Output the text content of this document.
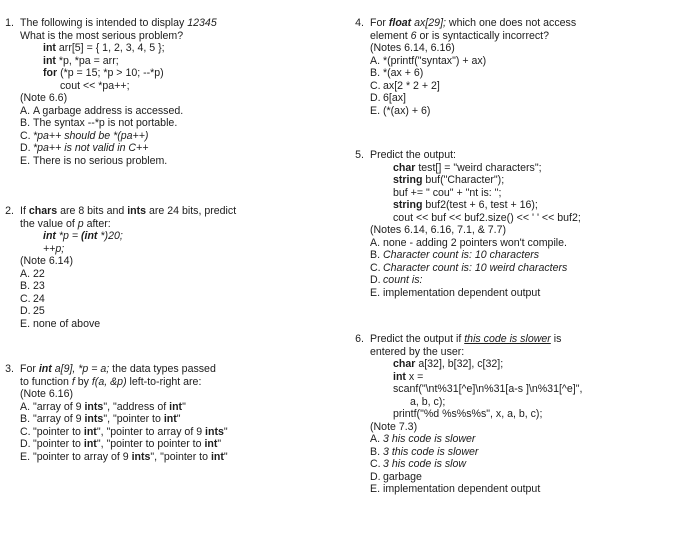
1. The following is intended to display 12345
What is the most serious problem?
int arr[5] = { 1, 2, 3, 4, 5 };
int *p, *pa = arr;
for (*p = 15; *p > 10; --*p)
cout << *pa++;
(Note 6.6)
A. A garbage address is accessed.
B. The syntax --*p is not portable.
C. *pa++ should be *(pa++)
D. *pa++ is not valid in C++
E. There is no serious problem.
2. If chars are 8 bits and ints are 24 bits, predict
the value of p after:
int *p = (int *)20;
++p;
(Note 6.14)
A. 22
B. 23
C. 24
D. 25
E. none of above
3. For int a[9], *p = a; the data types passed
to function f by f(a, &p) left-to-right are:
(Note 6.16)
A. "array of 9 ints", "address of int"
B. "array of 9 ints", "pointer to int"
C. "pointer to int", "pointer to array of 9 ints"
D. "pointer to int", "pointer to pointer to int"
E. "pointer to array of 9 ints", "pointer to int"
4. For float ax[29]; which one does not access
element 6 or is syntactically incorrect?
(Notes 6.14, 6.16)
A. *(printf("syntax") + ax)
B. *(ax + 6)
C. ax[2 * 2 + 2]
D. 6[ax]
E. (*(ax) + 6)
5. Predict the output:
char test[] = "weird characters";
string buf("Character");
buf += " cou" + "nt is: ";
string buf2(test + 6, test + 16);
cout << buf << buf2.size() << ' ' << buf2;
(Notes 6.14, 6.16, 7.1, & 7.7)
A. none - adding 2 pointers won't compile.
B. Character count is: 10 characters
C. Character count is: 10 weird characters
D. count is:
E. implementation dependent output
6. Predict the output if this code is slower is
entered by the user:
char a[32], b[32], c[32];
int x =
scanf("\nt%31[^e]\n%31[a-s ]\n%31[^e]",
a, b, c);
printf("%d %s%s%s", x, a, b, c);
(Note 7.3)
A. 3 his code is slower
B. 3 this code is slower
C. 3 his code is slow
D. garbage
E. implementation dependent output
